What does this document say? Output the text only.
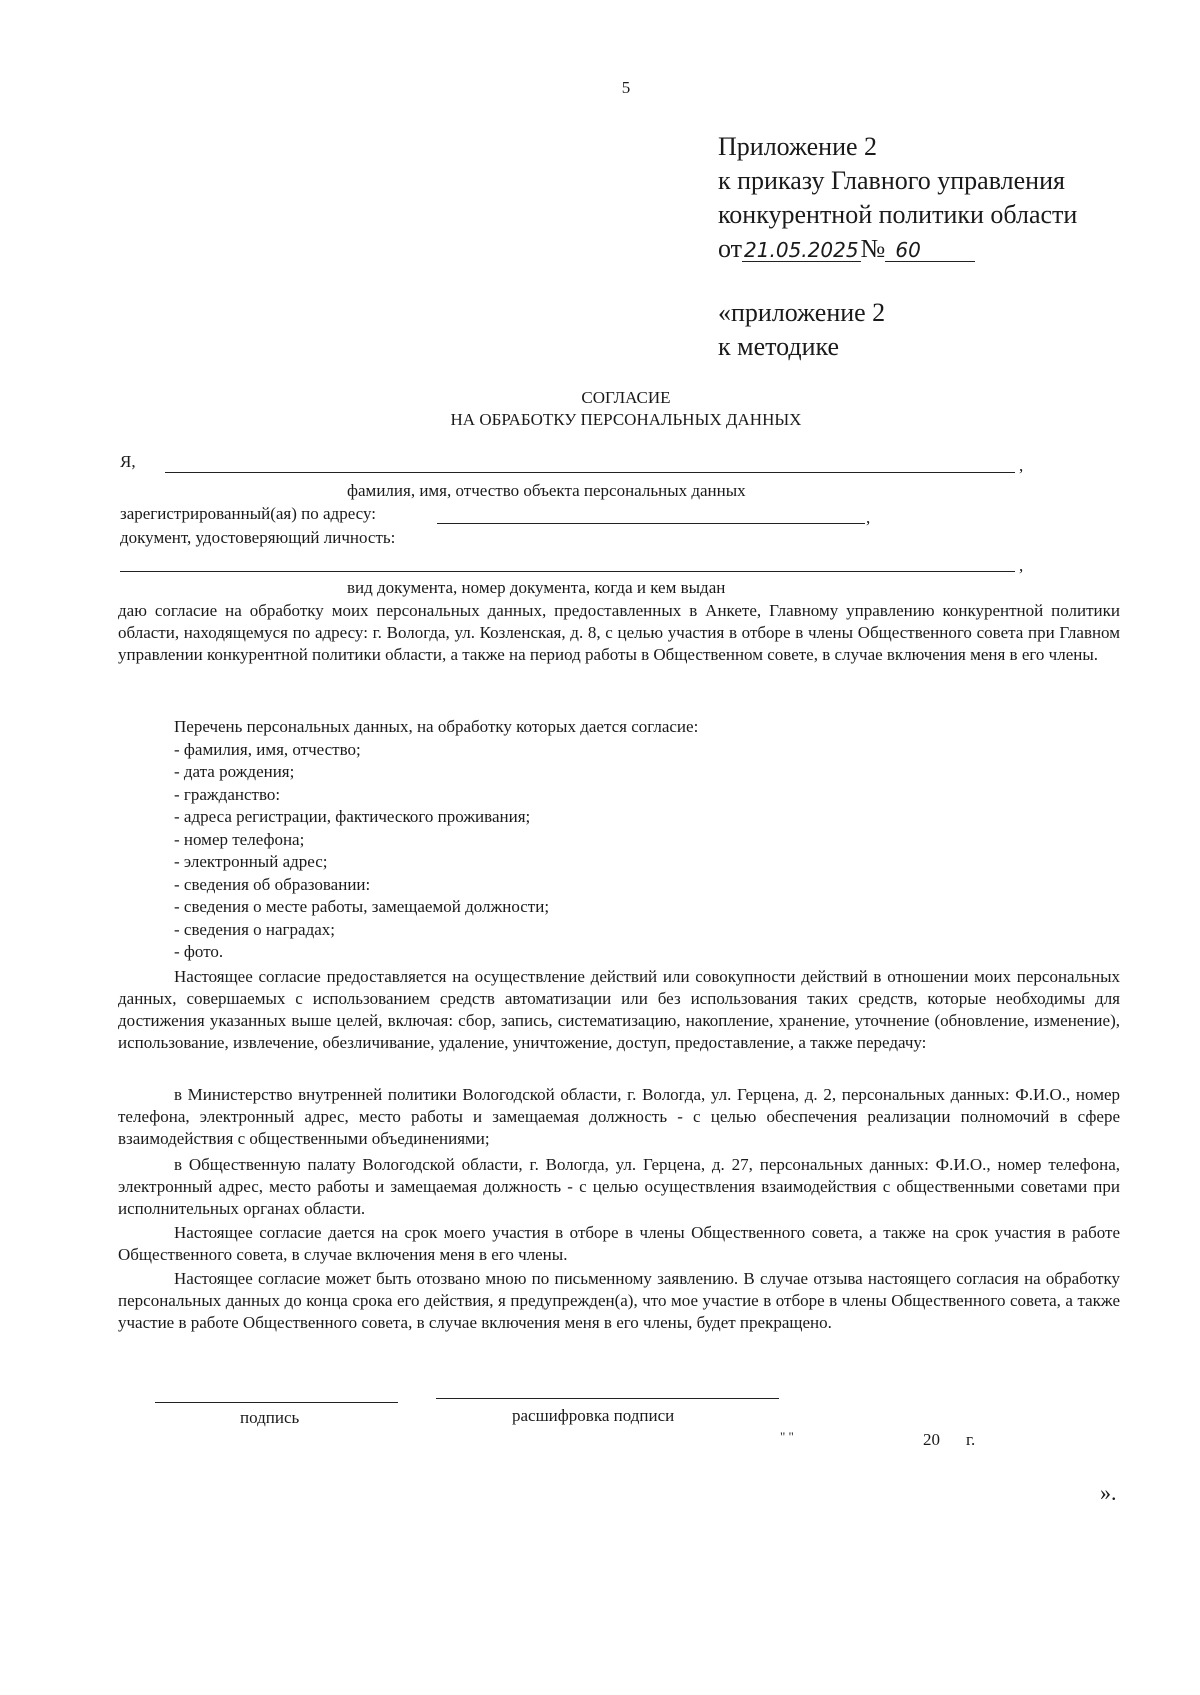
5
Приложение 2
к приказу Главного управления
конкурентной политики области
от 21.05.2025№ 60
«приложение 2
к методике
СОГЛАСИЕ
НА ОБРАБОТКУ ПЕРСОНАЛЬНЫХ ДАННЫХ
Я,	,
фамилия, имя, отчество объекта персональных данных
зарегистрированный(ая) по адресу:	,
документ, удостоверяющий личность:
,
вид документа, номер документа, когда и кем выдан
даю согласие на обработку моих персональных данных, предоставленных в Анкете, Главному управлению конкурентной политики области, находящемуся по адресу: г. Вологда, ул. Козленская, д. 8, с целью участия в отборе в члены Общественного совета при Главном управлении конкурентной политики области, а также на период работы в Общественном совете, в случае включения меня в его члены.
Перечень персональных данных, на обработку которых дается согласие:
- фамилия, имя, отчество;
- дата рождения;
- гражданство:
- адреса регистрации, фактического проживания;
- номер телефона;
- электронный адрес;
- сведения об образовании:
- сведения о месте работы, замещаемой должности;
- сведения о наградах;
- фото.
Настоящее согласие предоставляется на осуществление действий или совокупности действий в отношении моих персональных данных, совершаемых с использованием средств автоматизации или без использования таких средств, которые необходимы для достижения указанных выше целей, включая: сбор, запись, систематизацию, накопление, хранение, уточнение (обновление, изменение), использование, извлечение, обезличивание, удаление, уничтожение, доступ, предоставление, а также передачу:
в Министерство внутренней политики Вологодской области, г. Вологда, ул. Герцена, д. 2, персональных данных: Ф.И.О., номер телефона, электронный адрес, место работы и замещаемая должность - с целью обеспечения реализации полномочий в сфере взаимодействия с общественными объединениями;
в Общественную палату Вологодской области, г. Вологда, ул. Герцена, д. 27, персональных данных: Ф.И.О., номер телефона, электронный адрес, место работы и замещаемая должность - с целью осуществления взаимодействия с общественными советами при исполнительных органах области.
Настоящее согласие дается на срок моего участия в отборе в члены Общественного совета, а также на срок участия в работе Общественного совета, в случае включения меня в его члены.
Настоящее согласие может быть отозвано мною по письменному заявлению. В случае отзыва настоящего согласия на обработку персональных данных до конца срока его действия, я предупрежден(а), что мое участие в отборе в члены Общественного совета, а также участие в работе Общественного совета, в случае включения меня в его члены, будет прекращено.
подпись	расшифровка подписи
" "	20 г.
».
